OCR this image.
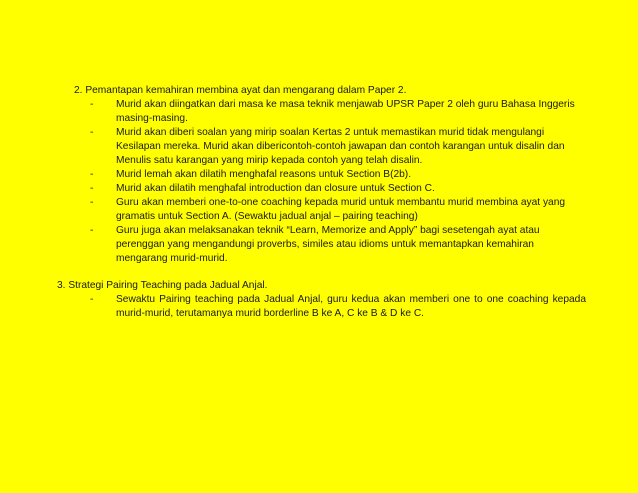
2. Pemantapan kemahiran membina ayat dan mengarang dalam Paper 2.
- Murid akan diingatkan dari masa ke masa teknik menjawab UPSR Paper 2 oleh guru Bahasa Inggeris masing-masing.
- Murid akan diberi soalan yang mirip soalan Kertas 2 untuk memastikan murid tidak mengulangi Kesilapan mereka. Murid akan dibericontoh-contoh jawapan dan contoh karangan untuk disalin dan Menulis satu karangan yang mirip kepada contoh yang telah disalin.
- Murid lemah akan dilatih menghafal reasons untuk Section B(2b).
- Murid akan dilatih menghafal introduction dan closure untuk Section C.
- Guru akan memberi one-to-one coaching kepada murid untuk membantu murid membina ayat yang gramatis untuk Section A. (Sewaktu jadual anjal – pairing teaching)
- Guru juga akan melaksanakan teknik “Learn, Memorize and Apply” bagi sesetengah ayat atau perenggan yang mengandungi proverbs, similes atau idioms untuk memantapkan kemahiran mengarang murid-murid.
3. Strategi Pairing Teaching pada Jadual Anjal.
- Sewaktu Pairing teaching pada Jadual Anjal, guru kedua akan memberi one to one coaching kepada murid-murid, terutamanya murid borderline B ke A, C ke B & D ke C.
